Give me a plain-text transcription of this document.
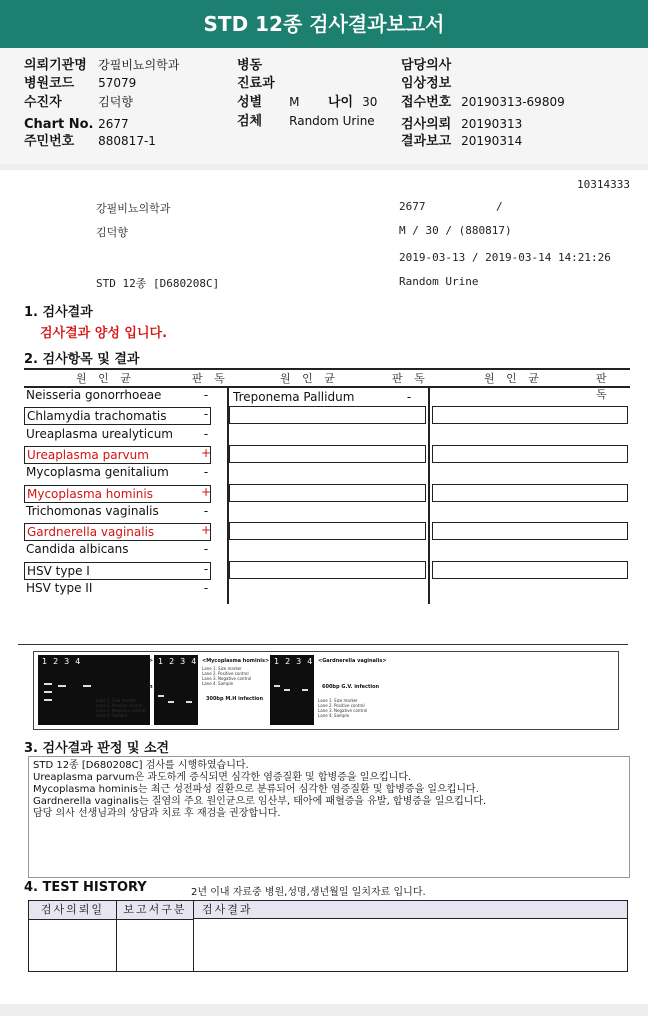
STD 12종 검사결과보고서
의뢰기관명 강필비뇨의학과
병원코드 57079
수진자	김덕향
Chart No. 2677
주민번호 880817-1
병동
진료과
성별 M 나이 30
검체 Random Urine
담당의사
임상정보
접수번호 20190313-69809
검사의뢰 20190313
결과보고 20190314
10314333
강필비뇨의학과	2677	/
김덕향	M / 30 / (880817)
2019-03-13 / 2019-03-14 14:21:26
STD 12종 [D680208C]	Random Urine
1. 검사결과
검사결과 양성 입니다.
2. 검사항목 및 결과
원 인 균	판 독	원 인 균	판 독	원 인 균	판 독
Neisseria gonorrhoeae	-
Chlamydia trachomatis	-
Ureaplasma urealyticum	-
Ureaplasma parvum	+
Mycoplasma genitalium	-
Mycoplasma hominis	+
Trichomonas vaginalis	-
Gardnerella vaginalis	+
Candida albicans	-
HSV type I	-
HSV type II	-
Treponema Pallidum	-
1234 <Ureaplasma parvum>
550bp U.P. infection
Lane 1. Size marker
Lane 2. Positive control
Lane 3. Negative control
Lane 4. Sample
1234 <Mycoplasma hominis>
Lane 1. Size marker
Lane 2. Positive control
Lane 3. Negative control
Lane 4. Sample
300bp M.H infection
1234 <Gardnerella vaginalis>
600bp G.V. infection
Lane 1. Size marker
Lane 2. Positive control
Lane 3. Negative control
Lane 4. Sample
3. 검사결과 판정 및 소견

STD 12종 [D680208C] 검사를 시행하였습니다.

Ureaplasma parvum은 과도하게 증식되면 심각한 염증질환 및 합병증을 일으킵니다.

Mycoplasma hominis는 최근 성전파성 질환으로 분류되어 심각한 염증질환 및 합병증을 일으킵니다.

Gardnerella vaginalis는 질염의 주요 원인균으로 임산부, 태아에 패혈증을 유발, 합병증을 일으킵니다.

담당 의사 선생님과의 상담과 치료 후 재검을 권장합니다.

4. TEST HISTORY	2년 이내 자료중 병원,성명,생년월일 일치자료 입니다.
검사의뢰일	보고서구분	검사결과
